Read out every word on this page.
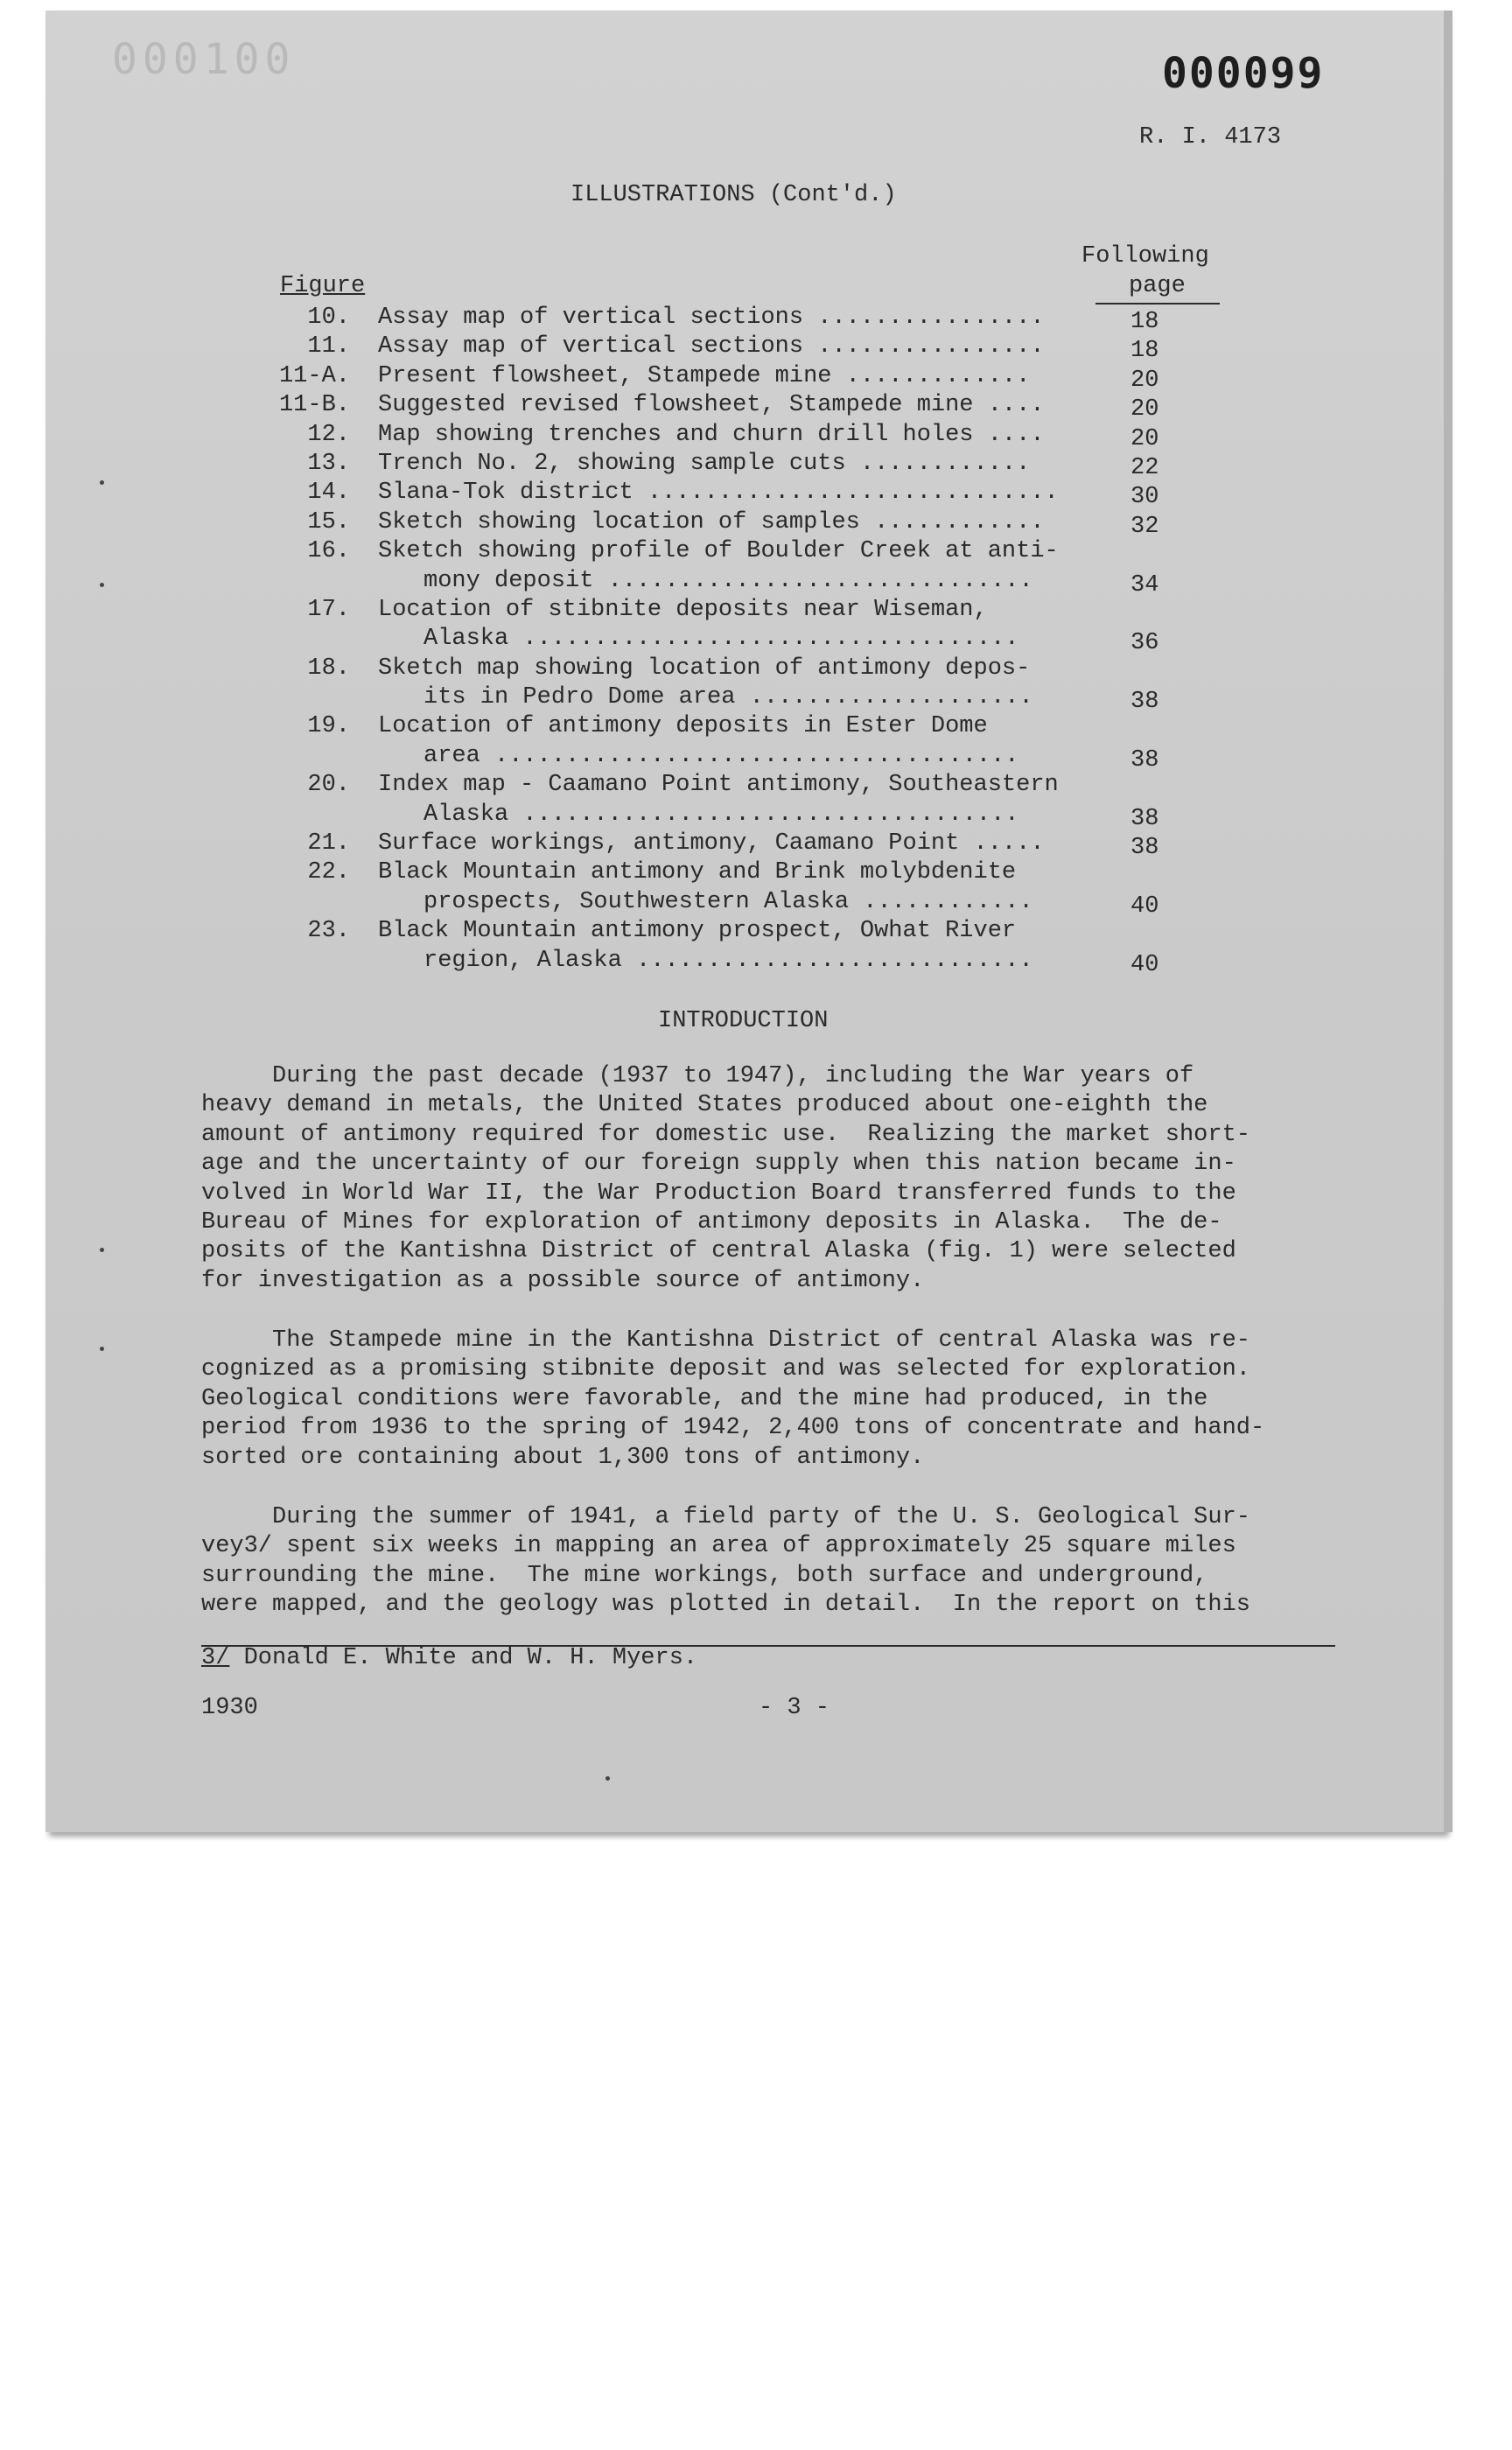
000100	000099
R. I. 4173
ILLUSTRATIONS (Cont'd.)
Following
Figure	page
10. Assay map of vertical sections ................	18
11. Assay map of vertical sections ................	18
11-A. Present flowsheet, Stampede mine .............	20
11-B. Suggested revised flowsheet, Stampede mine ....	20
12. Map showing trenches and churn drill holes ....	20
13. Trench No. 2, showing sample cuts ............	22
14. Slana-Tok district .............................	30
15. Sketch showing location of samples ............	32
16. Sketch showing profile of Boulder Creek at anti-
mony deposit ..............................	34
17. Location of stibnite deposits near Wiseman,
Alaska ...................................	36
18. Sketch map showing location of antimony depos-
its in Pedro Dome area ....................	38
19. Location of antimony deposits in Ester Dome
area .....................................	38
20. Index map - Caamano Point antimony, Southeastern
Alaska ...................................	38
21. Surface workings, antimony, Caamano Point .....	38
22. Black Mountain antimony and Brink molybdenite
prospects, Southwestern Alaska ............	40
23. Black Mountain antimony prospect, Owhat River
region, Alaska ............................	40
INTRODUCTION
During the past decade (1937 to 1947), including the War years of
heavy demand in metals, the United States produced about one-eighth the
amount of antimony required for domestic use.  Realizing the market short-
age and the uncertainty of our foreign supply when this nation became in-
volved in World War II, the War Production Board transferred funds to the
Bureau of Mines for exploration of antimony deposits in Alaska.  The de-
posits of the Kantishna District of central Alaska (fig. 1) were selected
for investigation as a possible source of antimony.
The Stampede mine in the Kantishna District of central Alaska was re-
cognized as a promising stibnite deposit and was selected for exploration.
Geological conditions were favorable, and the mine had produced, in the
period from 1936 to the spring of 1942, 2,400 tons of concentrate and hand-
sorted ore containing about 1,300 tons of antimony.
During the summer of 1941, a field party of the U. S. Geological Sur-
vey3/ spent six weeks in mapping an area of approximately 25 square miles
surrounding the mine.  The mine workings, both surface and underground,
were mapped, and the geology was plotted in detail.  In the report on this
3/ Donald E. White and W. H. Myers.
1930	- 3 -
